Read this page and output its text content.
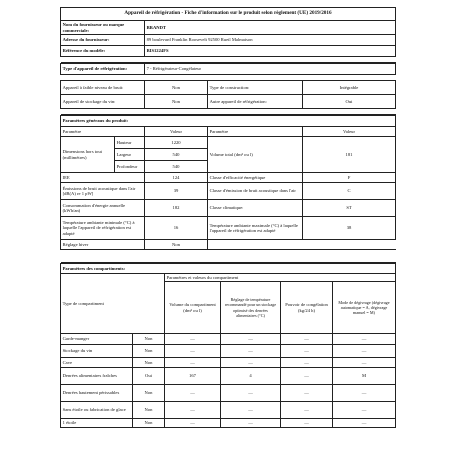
Appareil de réfrigération - Fiche d'information sur le produit selon règlement (UE) 2019/2016	
Nom du fournisseur ou marque commerciale:	BRANDT
Adresse du fournisseur:	89 boulevard Franklin Roosevelt 92500 Rueil Malmaison
Référence du modèle:	BIS1224FS

Type d'appareil de réfrigération:	7 - Réfrigérateur-Congélateur		

Appareil à faible niveau de bruit:	Non	Type de construction:	Intégrable
Appareil de stockage du vin:	Non	Autre appareil de réfrigération:	Oui

Paramètres généraux du produit:				
Paramètre		Valeur	Paramètre	Valeur
Dimensions hors tout (millimètres)	Hauteur	1220	Volume total (dm³ ou l)	181
	Largeur	540		
	Profondeur	540		
IEE		124	Classe d'efficacité énergétique	F
Émissions de bruit acoustique dans l'air [dB(A) re 1 pW]		39	Classe d'émission de bruit acoustique dans l'air	C
Consommation d'énergie annuelle (kWh/an)		182	Classe climatique:	ST
Température ambiante minimale (°C) à laquelle l'appareil de réfrigération est adapté		16	Température ambiante maximale (°C) à laquelle l'appareil de réfrigération est adapté	38
Réglage hiver		Non		

Paramètres des compartiments:					
Type de compartiment		Paramètres et valeurs du compartiment			
		Volume du compartiment (dm³ ou l)	Réglage de température recommandé pour un stockage optimisé des denrées alimentaires (°C)	Pouvoir de congélation (kg/24 h)	Mode de dégivrage (dégivrage automatique = A, dégivrage manuel = M)
Garde-manger	Non	—	—	—	—
Stockage du vin	Non	—	—	—	—
Cave	Non	—	—	—	—
Denrées alimentaires fraîches	Oui	167	4	—	M
Denrées hautement périssables	Non	—	—	—	—
Sans étoile ou fabrication de glace	Non	—	—	—	—
1 étoile	Non	—	—	—	—
